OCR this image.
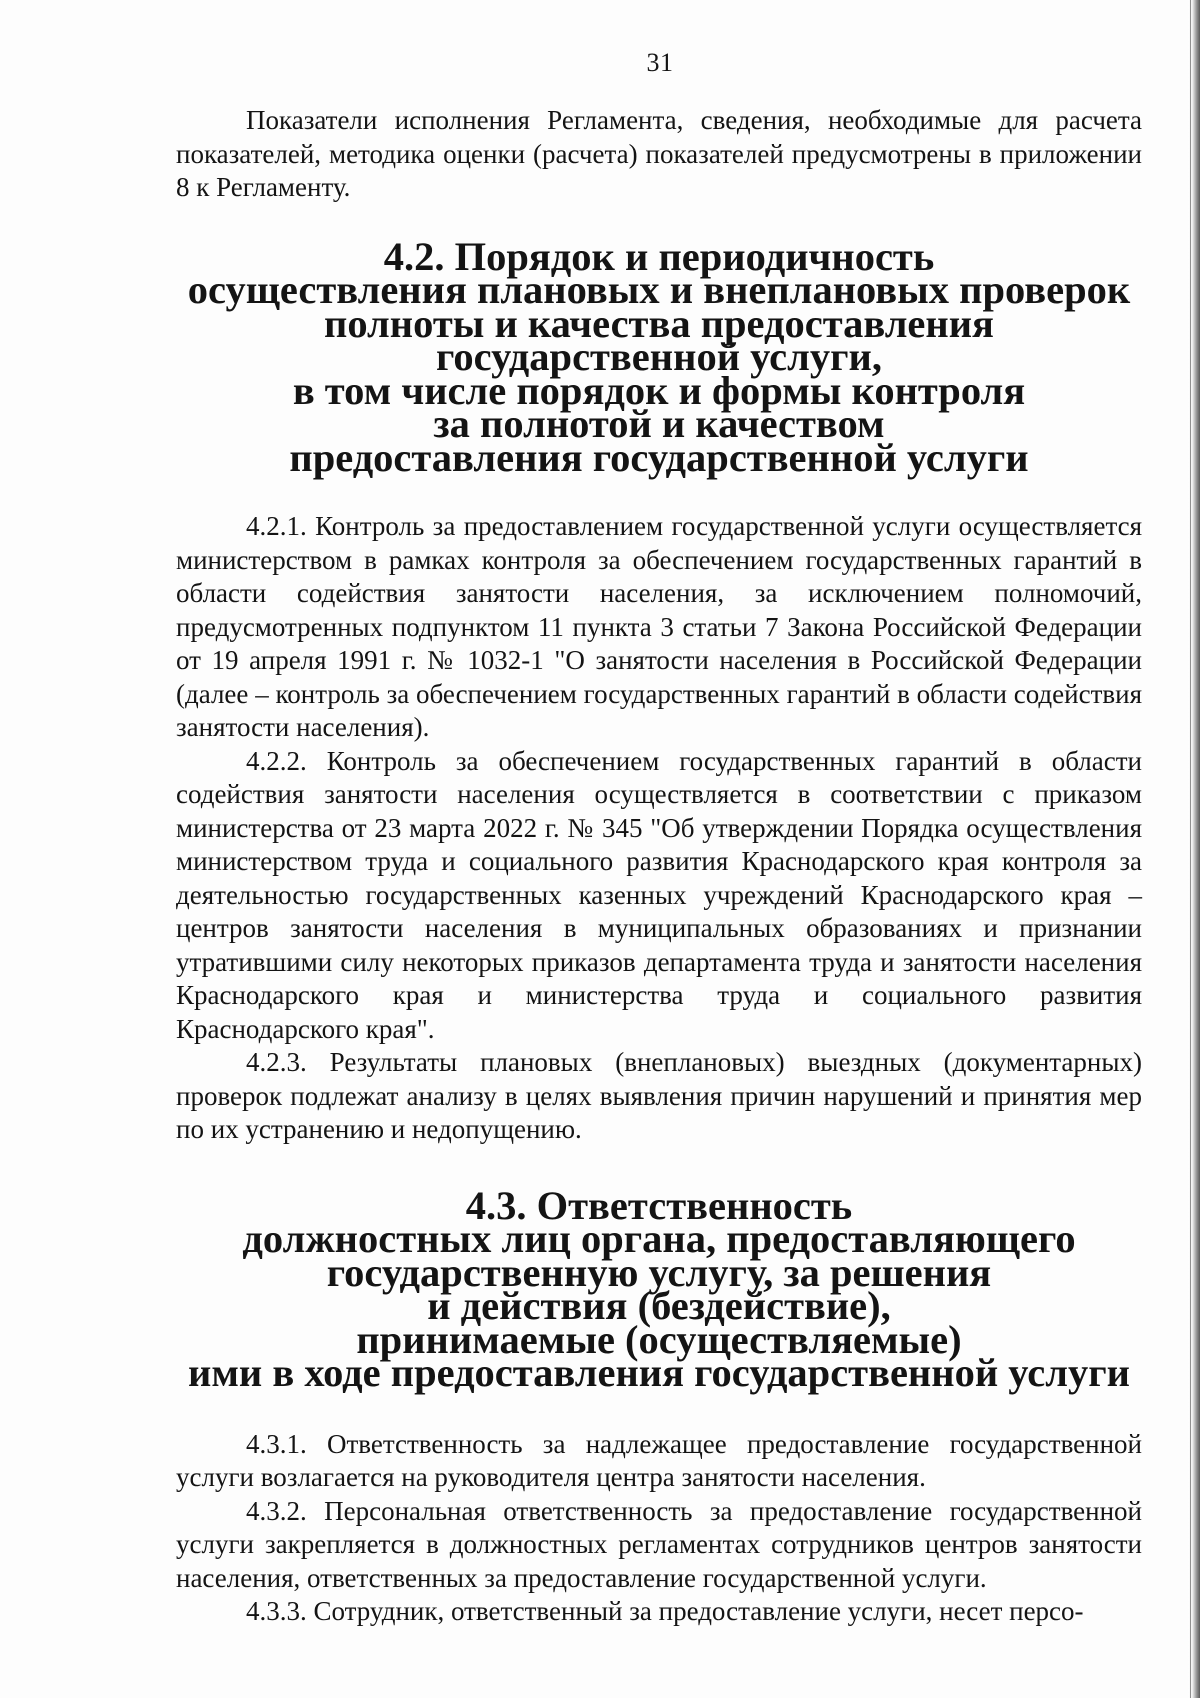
31

Показатели исполнения Регламента, сведения, необходимые для расчета показателей, методика оценки (расчета) показателей предусмотрены в приложении 8 к Регламенту.

4.2. Порядок и периодичность
осуществления плановых и внеплановых проверок
полноты и качества предоставления
государственной услуги,
в том числе порядок и формы контроля
за полнотой и качеством
предоставления государственной услуги

4.2.1. Контроль за предоставлением государственной услуги осуществляется министерством в рамках контроля за обеспечением государственных гарантий в области содействия занятости населения, за исключением полномочий, предусмотренных подпунктом 11 пункта 3 статьи 7 Закона Российской Федерации от 19 апреля 1991 г. № 1032-1 "О занятости населения в Российской Федерации (далее – контроль за обеспечением государственных гарантий в области содействия занятости населения).

4.2.2. Контроль за обеспечением государственных гарантий в области содействия занятости населения осуществляется в соответствии с приказом министерства от 23 марта 2022 г. № 345 "Об утверждении Порядка осуществления министерством труда и социального развития Краснодарского края контроля за деятельностью государственных казенных учреждений Краснодарского края – центров занятости населения в муниципальных образованиях и признании утратившими силу некоторых приказов департамента труда и занятости населения Краснодарского края и министерства труда и социального развития Краснодарского края".

4.2.3. Результаты плановых (внеплановых) выездных (документарных) проверок подлежат анализу в целях выявления причин нарушений и принятия мер по их устранению и недопущению.

4.3. Ответственность
должностных лиц органа, предоставляющего
государственную услугу, за решения
и действия (бездействие),
принимаемые (осуществляемые)
ими в ходе предоставления государственной услуги

4.3.1. Ответственность за надлежащее предоставление государственной услуги возлагается на руководителя центра занятости населения.

4.3.2. Персональная ответственность за предоставление государственной услуги закрепляется в должностных регламентах сотрудников центров занятости населения, ответственных за предоставление государственной услуги.

4.3.3. Сотрудник, ответственный за предоставление услуги, несет персо-
